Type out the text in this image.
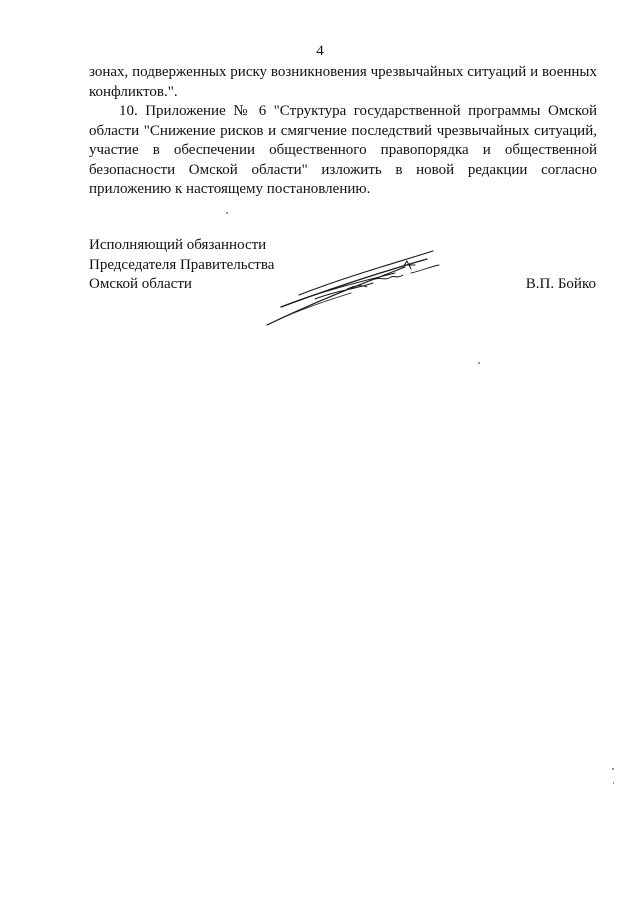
4

зонах, подверженных риску возникновения чрезвычайных ситуаций и военных конфликтов.".

10. Приложение № 6 "Структура государственной программы Омской области "Снижение рисков и смягчение последствий чрезвычайных ситуаций, участие в обеспечении общественного правопорядка и общественной безопасности Омской области" изложить в новой редакции согласно приложению к настоящему постановлению.

Исполняющий обязанности
Председателя Правительства
Омской области	В.П. Бойко
